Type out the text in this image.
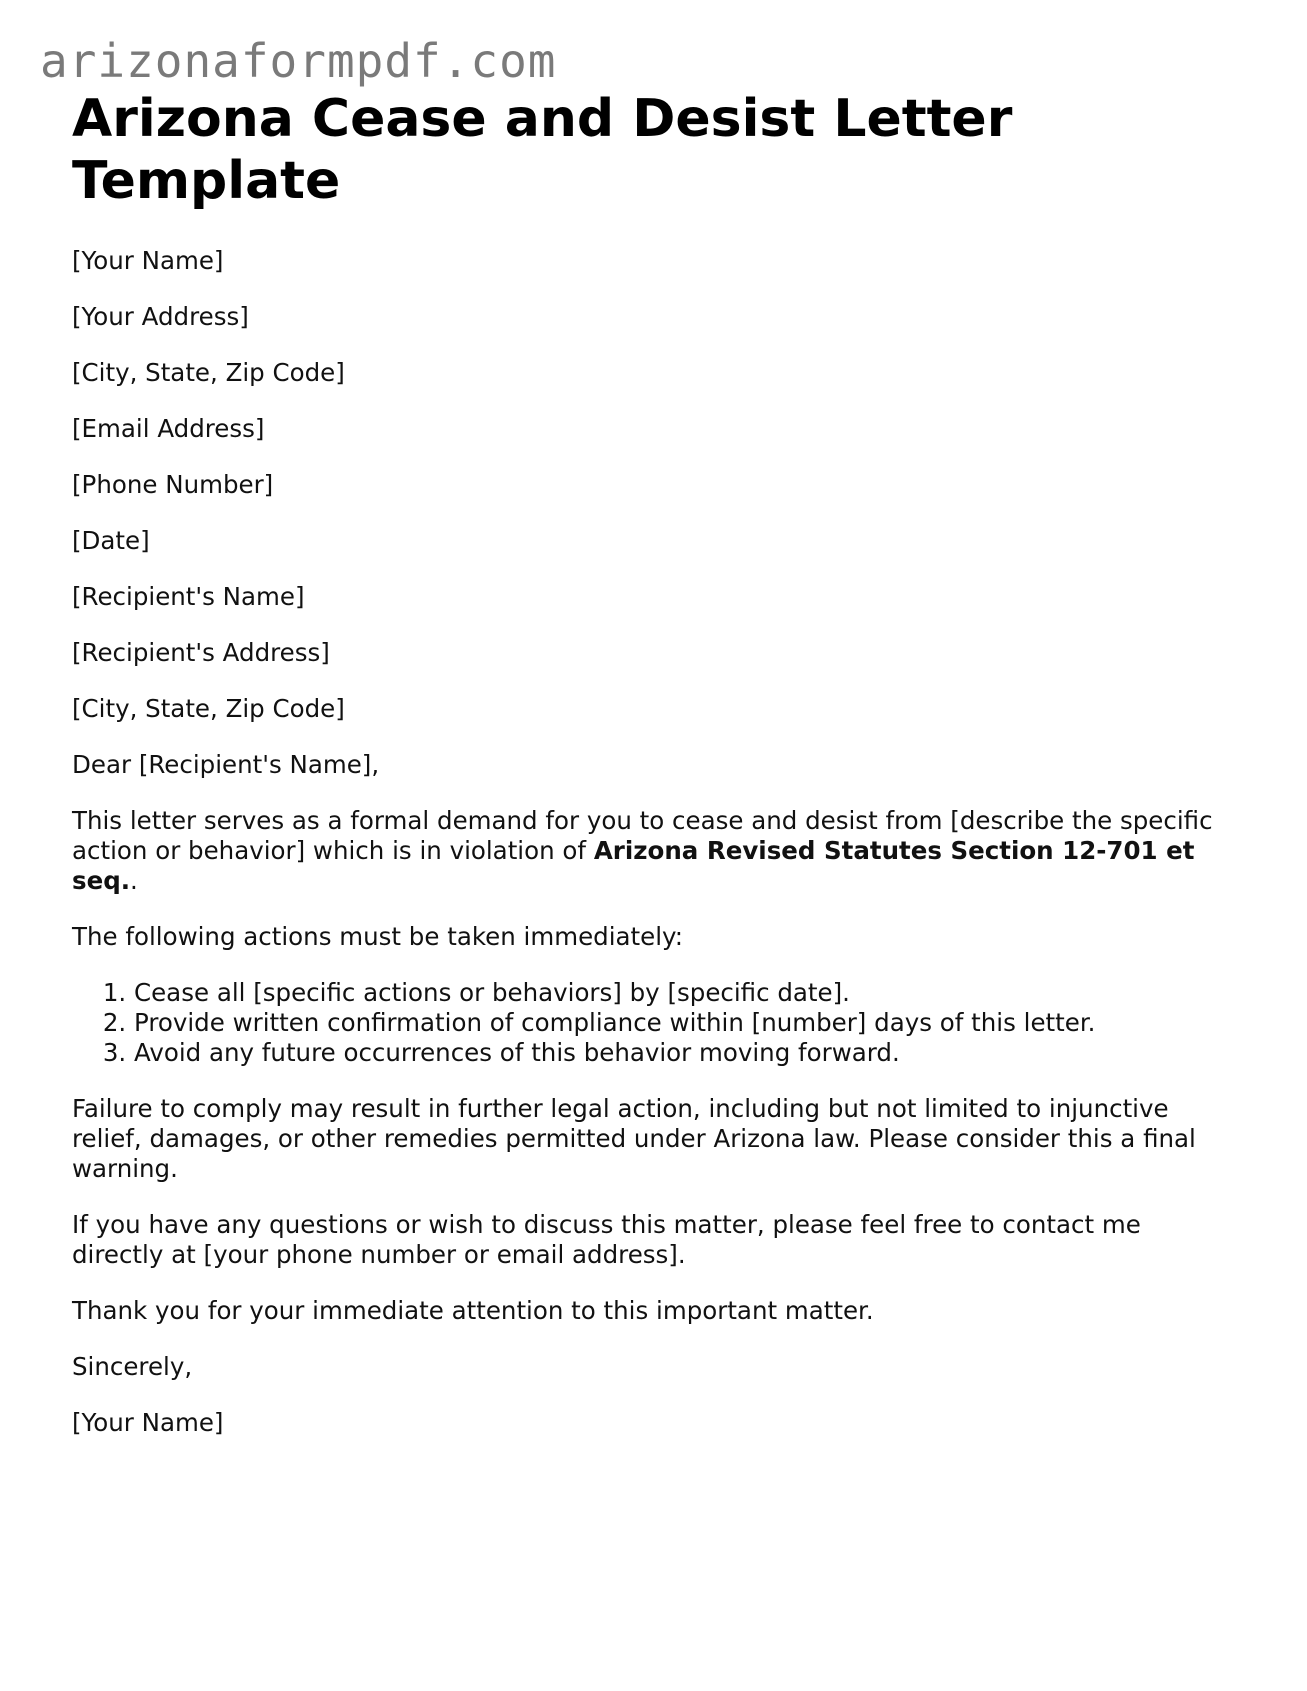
arizonaformpdf.com
Arizona Cease and Desist Letter Template

[Your Name]

[Your Address]

[City, State, Zip Code]

[Email Address]

[Phone Number]

[Date]

[Recipient's Name]

[Recipient's Address]

[City, State, Zip Code]

Dear [Recipient's Name],

This letter serves as a formal demand for you to cease and desist from [describe the specific action or behavior] which is in violation of Arizona Revised Statutes Section 12-701 et seq..

The following actions must be taken immediately:

1. Cease all [specific actions or behaviors] by [specific date].
2. Provide written confirmation of compliance within [number] days of this letter.
3. Avoid any future occurrences of this behavior moving forward.

Failure to comply may result in further legal action, including but not limited to injunctive relief, damages, or other remedies permitted under Arizona law. Please consider this a final warning.

If you have any questions or wish to discuss this matter, please feel free to contact me directly at [your phone number or email address].

Thank you for your immediate attention to this important matter.

Sincerely,

[Your Name]
